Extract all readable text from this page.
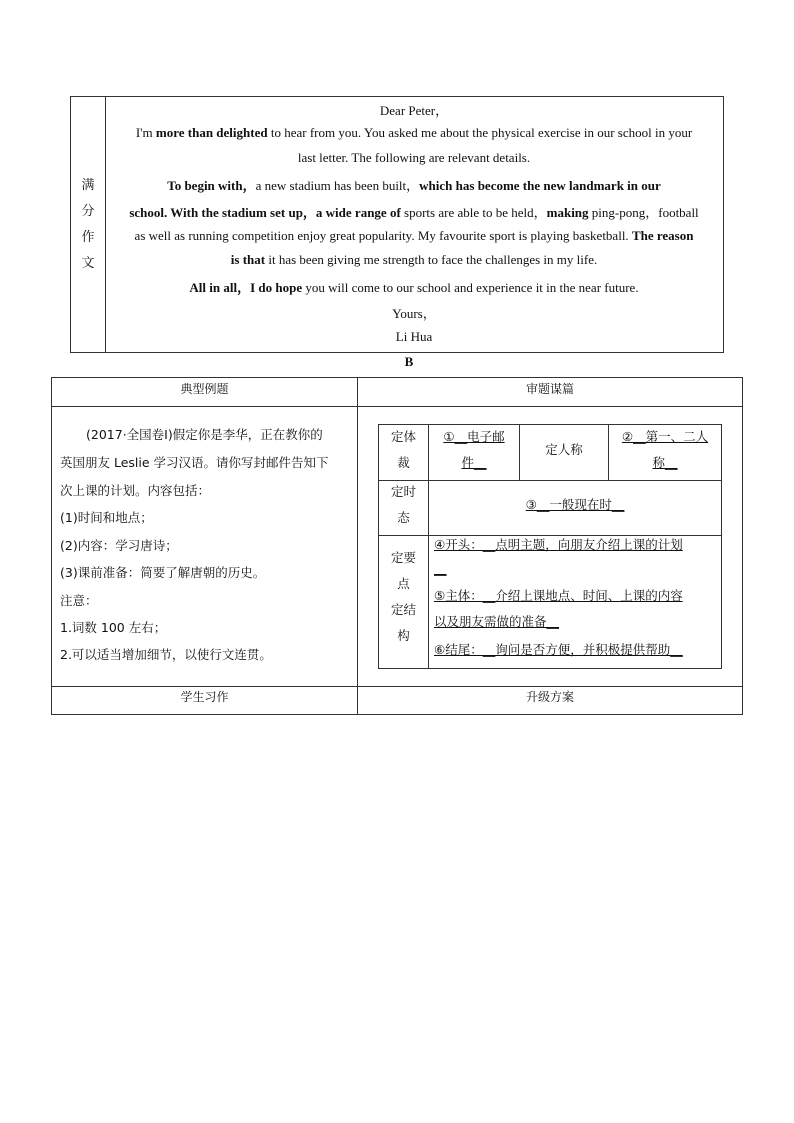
满
分
作
文
Dear Peter，
I'm more than delighted to hear from you. You asked me about the physical exercise in our school in your
last letter. The following are relevant details.
To begin with，a new stadium has been built，which has become the new landmark in our
school. With the stadium set up，a wide range of sports are able to be held，making ping-pong，football
as well as running competition enjoy great popularity. My favourite sport is playing basketball. The reason
is that it has been giving me strength to face the challenges in my life.
All in all，I do hope you will come to our school and experience it in the near future.
Yours，
Li Hua
B
典型例题	审题谋篇
学生习作	升级方案
(2017·全国卷Ⅰ)假定你是李华，正在教你的
英国朋友 Leslie 学习汉语。请你写封邮件告知下
次上课的计划。内容包括：
(1)时间和地点；
(2)内容：学习唐诗；
(3)课前准备：简要了解唐朝的历史。
注意：
1.词数 100 左右；
2.可以适当增加细节，以使行文连贯。
定体
裁
①__电子邮
件__
定人称
②__第一、二人
称__
定时
态
③__一般现在时__
定要
点
定结
构
④开头：__点明主题，向朋友介绍上课的计划
__
⑤主体：__介绍上课地点、时间、上课的内容
以及朋友需做的准备__
⑥结尾：__询问是否方便，并积极提供帮助__
